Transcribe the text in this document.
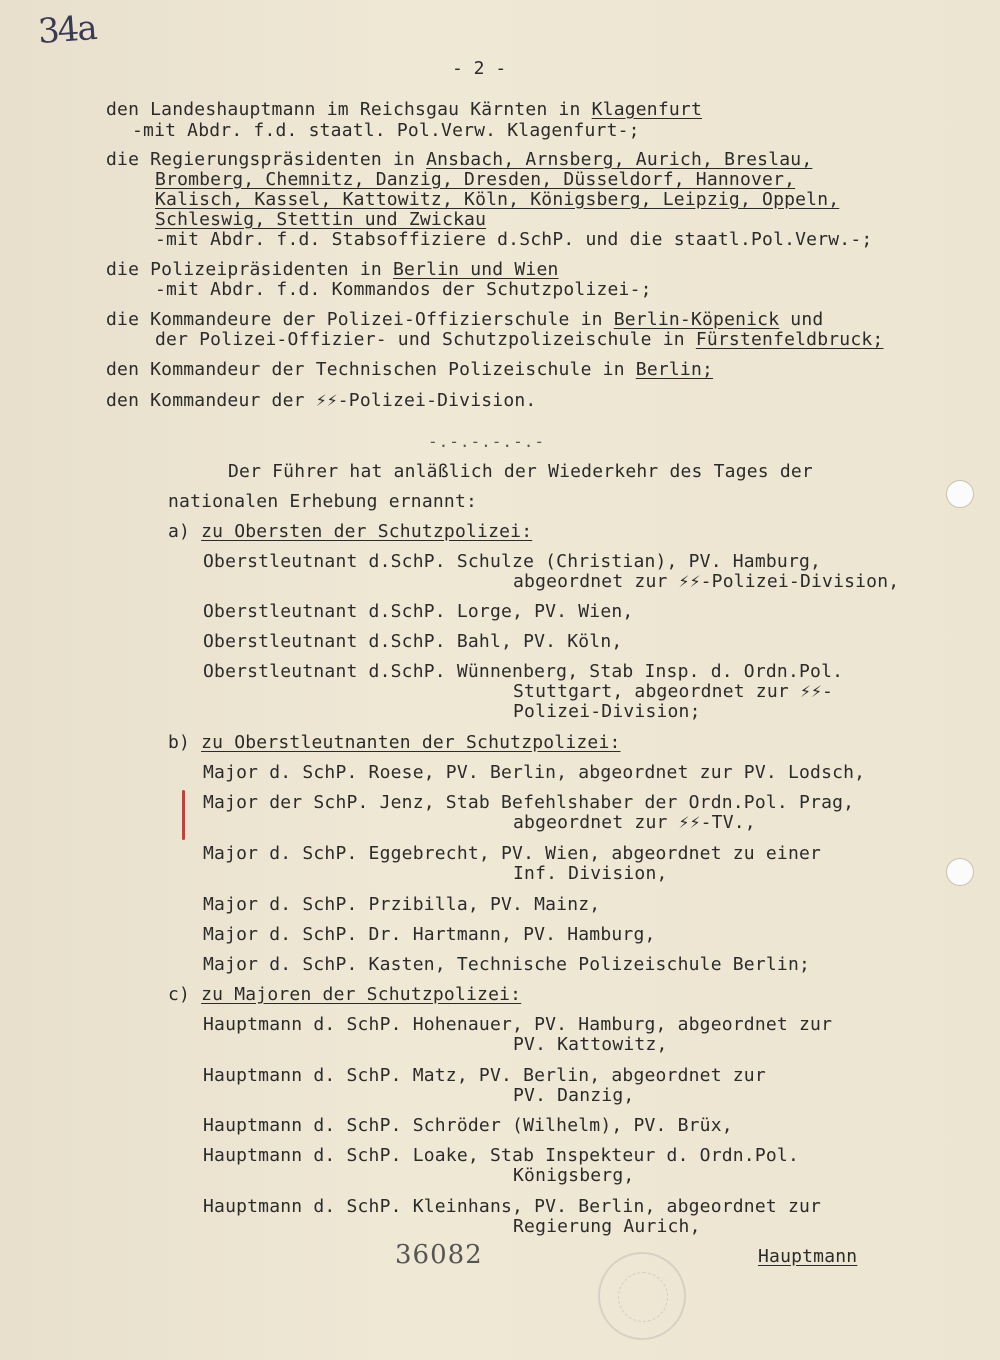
34a
- 2 -
den Landeshauptmann im Reichsgau Kärnten in Klagenfurt
-mit Abdr. f.d. staatl. Pol.Verw. Klagenfurt-;
die Regierungspräsidenten in Ansbach, Arnsberg, Aurich, Breslau,
Bromberg, Chemnitz, Danzig, Dresden, Düsseldorf, Hannover,
Kalisch, Kassel, Kattowitz, Köln, Königsberg, Leipzig, Oppeln,
Schleswig, Stettin und Zwickau
-mit Abdr. f.d. Stabsoffiziere d.SchP. und die staatl.Pol.Verw.-;
die Polizeipräsidenten in Berlin und Wien
-mit Abdr. f.d. Kommandos der Schutzpolizei-;
die Kommandeure der Polizei-Offizierschule in Berlin-Köpenick und
der Polizei-Offizier- und Schutzpolizeischule in Fürstenfeldbruck;
den Kommandeur der Technischen Polizeischule in Berlin;
den Kommandeur der ⚡⚡-Polizei-Division.
-.-.-.-.-.-
Der Führer hat anläßlich der Wiederkehr des Tages der
nationalen Erhebung ernannt:
a) zu Obersten der Schutzpolizei:
Oberstleutnant d.SchP. Schulze (Christian), PV. Hamburg,
abgeordnet zur ⚡⚡-Polizei-Division,
Oberstleutnant d.SchP. Lorge, PV. Wien,
Oberstleutnant d.SchP. Bahl, PV. Köln,
Oberstleutnant d.SchP. Wünnenberg, Stab Insp. d. Ordn.Pol.
Stuttgart, abgeordnet zur ⚡⚡-
Polizei-Division;
b) zu Oberstleutnanten der Schutzpolizei:
Major d. SchP. Roese, PV. Berlin, abgeordnet zur PV. Lodsch,
Major der SchP. Jenz, Stab Befehlshaber der Ordn.Pol. Prag,
abgeordnet zur ⚡⚡-TV.,
Major d. SchP. Eggebrecht, PV. Wien, abgeordnet zu einer
Inf. Division,
Major d. SchP. Przibilla, PV. Mainz,
Major d. SchP. Dr. Hartmann, PV. Hamburg,
Major d. SchP. Kasten, Technische Polizeischule Berlin;
c) zu Majoren der Schutzpolizei:
Hauptmann d. SchP. Hohenauer, PV. Hamburg, abgeordnet zur
PV. Kattowitz,
Hauptmann d. SchP. Matz, PV. Berlin, abgeordnet zur
PV. Danzig,
Hauptmann d. SchP. Schröder (Wilhelm), PV. Brüx,
Hauptmann d. SchP. Loake, Stab Inspekteur d. Ordn.Pol.
Königsberg,
Hauptmann d. SchP. Kleinhans, PV. Berlin, abgeordnet zur
Regierung Aurich,
Hauptmann
36082
